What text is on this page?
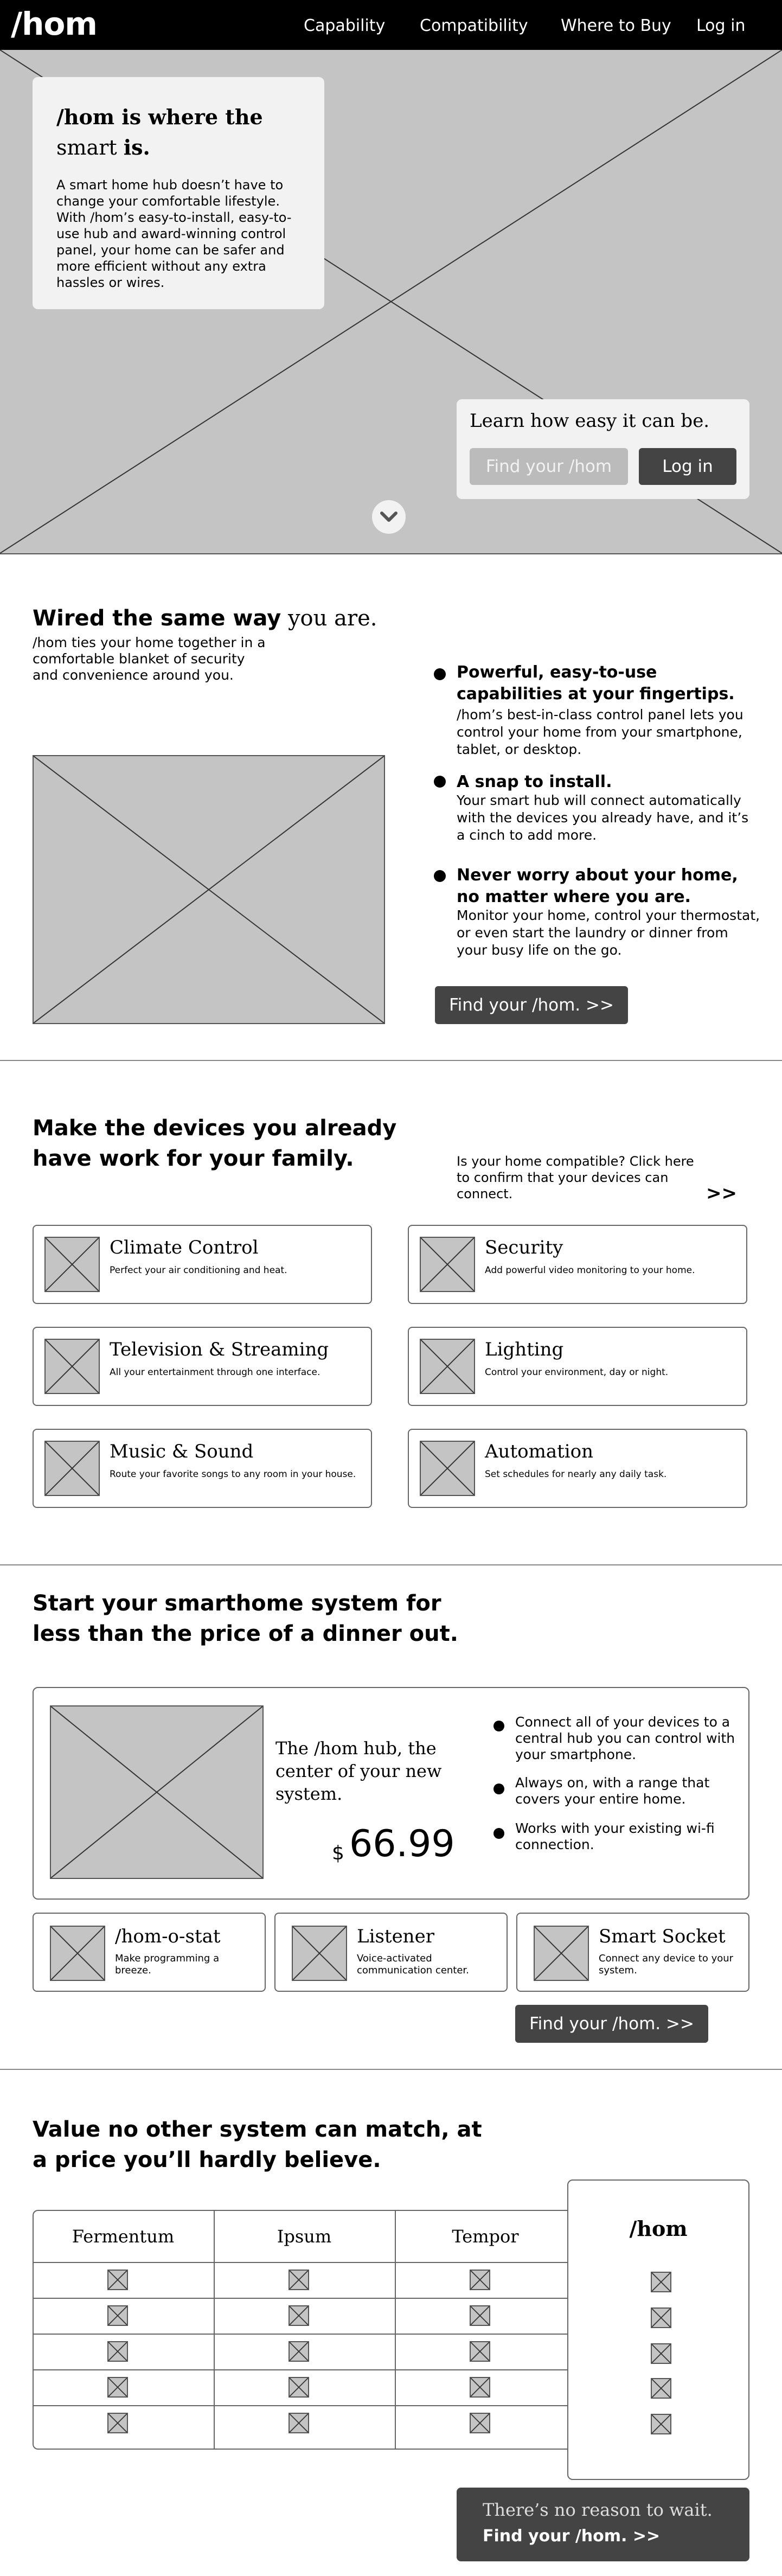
/hom	Capability Compatibility Where to Buy Log in
/hom is where the
smart is.
A smart home hub doesn’t have to change your comfortable lifestyle. With /hom’s easy-to-install, easy-to-use hub and award-winning control panel, your home can be safer and more efficient without any extra hassles or wires.
Learn how easy it can be.
Find your /hom	Log in
Wired the same way you are.
/hom ties your home together in a comfortable blanket of security and convenience around you.	Powerful, easy-to-use capabilities at your fingertips.
/hom’s best-in-class control panel lets you control your home from your smartphone, tablet, or desktop.
A snap to install.
Your smart hub will connect automatically with the devices you already have, and it’s a cinch to add more.
Never worry about your home, no matter where you are.
Monitor your home, control your thermostat, or even start the laundry or dinner from your busy life on the go.
Find your /hom. >>
Make the devices you already have work for your family.	Is your home compatible? Click here to confirm that your devices can connect.	>>
Climate Control
Perfect your air conditioning and heat.
Security
Add powerful video monitoring to your home.
Television & Streaming
All your entertainment through one interface.
Lighting
Control your environment, day or night.
Music & Sound
Route your favorite songs to any room in your house.
Automation
Set schedules for nearly any daily task.
Start your smarthome system for less than the price of a dinner out.
The /hom hub, the center of your new system.
$ 66.99
Connect all of your devices to a central hub you can control with your smartphone.
Always on, with a range that covers your entire home.
Works with your existing wi-fi connection.
/hom-o-stat
Make programming a breeze.
Listener
Voice-activated communication center.
Smart Socket
Connect any device to your system.
Find your /hom. >>
Value no other system can match, at a price you’ll hardly believe.
Fermentum	Ipsum	Tempor	/hom
There’s no reason to wait.
Find your /hom. >>
